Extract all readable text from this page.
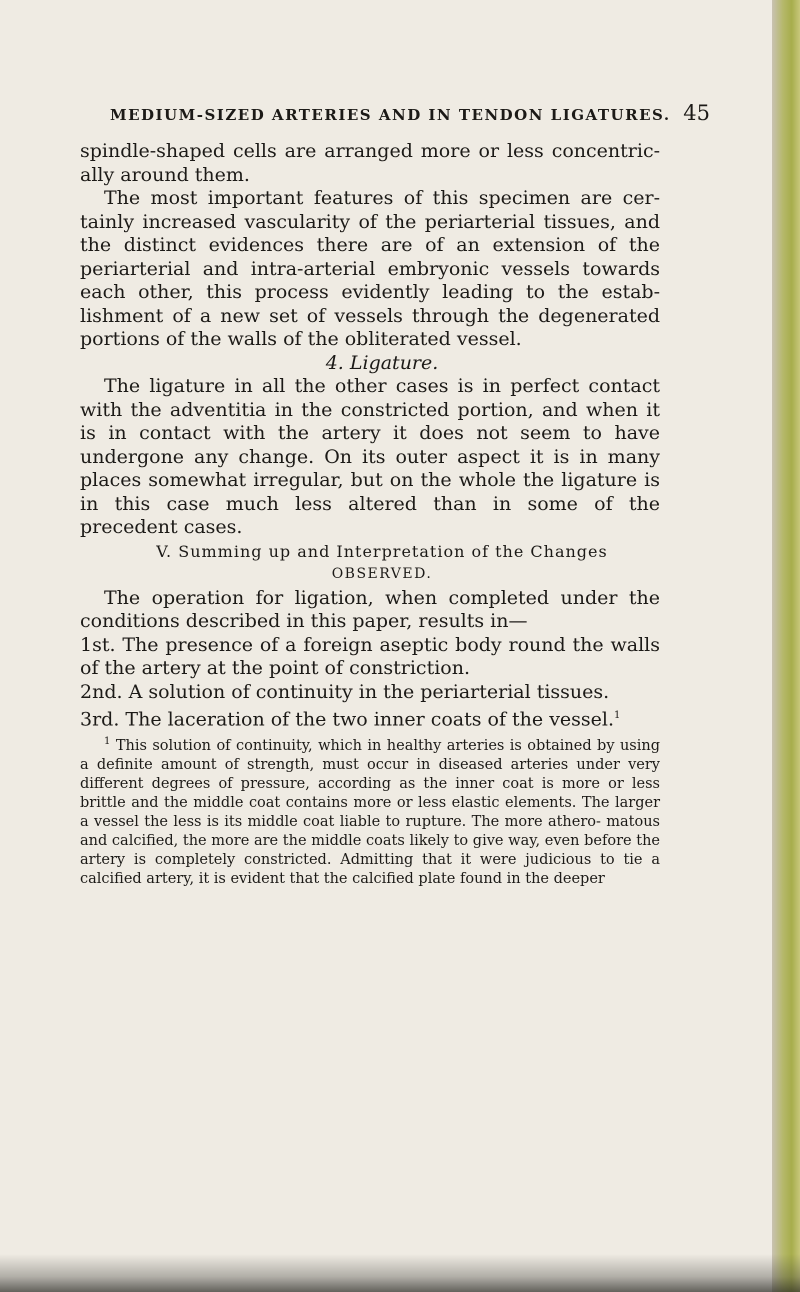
MEDIUM-SIZED ARTERIES AND IN TENDON LIGATURES. 45

spindle-shaped cells are arranged more or less concentric- ally around them.

The most important features of this specimen are cer- tainly increased vascularity of the periarterial tissues, and the distinct evidences there are of an extension of the periarterial and intra-arterial embryonic vessels towards each other, this process evidently leading to the estab- lishment of a new set of vessels through the degenerated portions of the walls of the obliterated vessel.

4. Ligature.

The ligature in all the other cases is in perfect contact with the adventitia in the constricted portion, and when it is in contact with the artery it does not seem to have undergone any change. On its outer aspect it is in many places somewhat irregular, but on the whole the ligature is in this case much less altered than in some of the precedent cases.

V. Summing up and Interpretation of the Changes

OBSERVED.

The operation for ligation, when completed under the conditions described in this paper, results in—

1st. The presence of a foreign aseptic body round the walls of the artery at the point of constriction.

2nd. A solution of continuity in the periarterial tissues.

3rd. The laceration of the two inner coats of the vessel.$^1$

$^1$ This solution of continuity, which in healthy arteries is obtained by using a definite amount of strength, must occur in diseased arteries under very different degrees of pressure, according as the inner coat is more or less brittle and the middle coat contains more or less elastic elements. The larger a vessel the less is its middle coat liable to rupture. The more athero- matous and calcified, the more are the middle coats likely to give way, even before the artery is completely constricted. Admitting that it were judicious to tie a calcified artery, it is evident that the calcified plate found in the deeper
